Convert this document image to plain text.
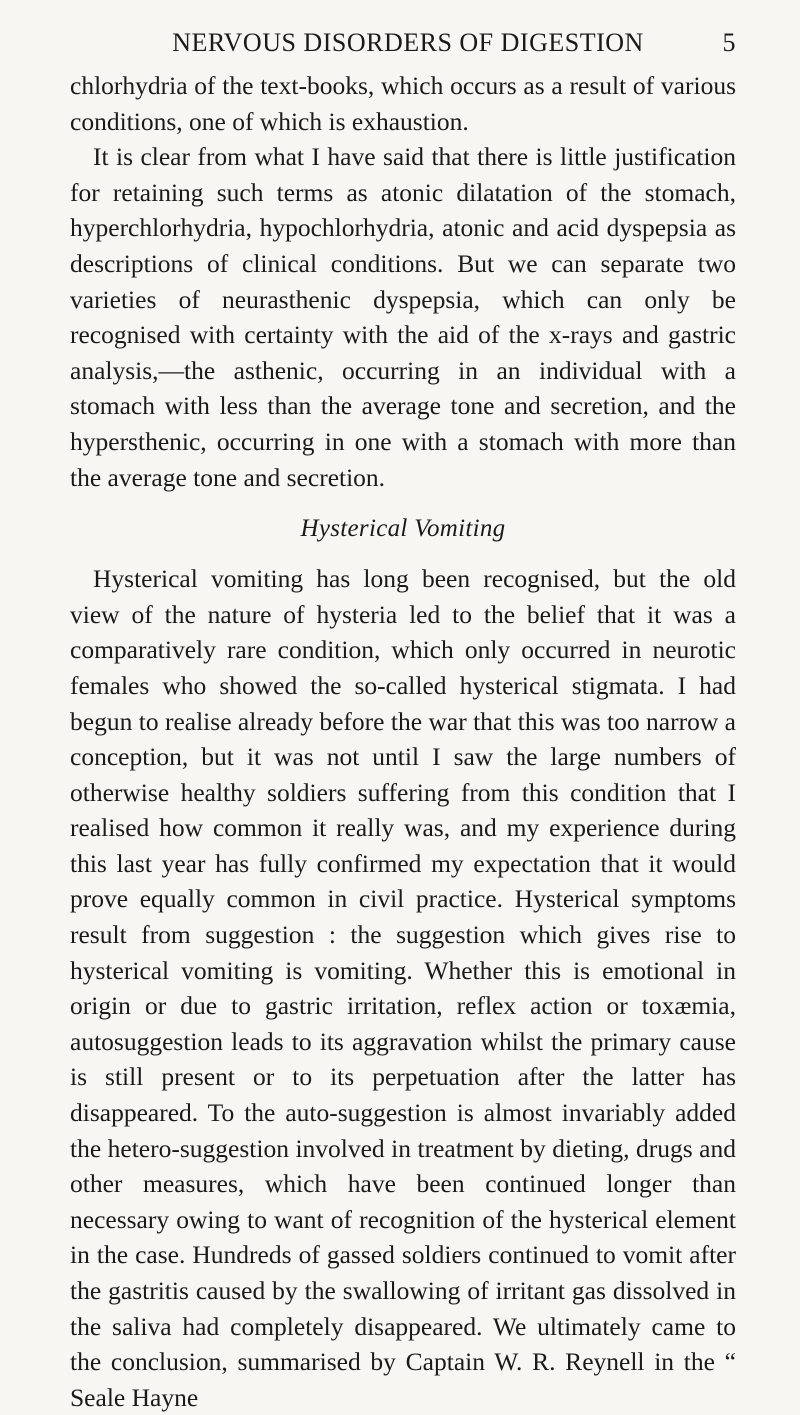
NERVOUS DISORDERS OF DIGESTION	5

chlorhydria of the text-books, which occurs as a result of various conditions, one of which is exhaustion.

It is clear from what I have said that there is little justification for retaining such terms as atonic dilatation of the stomach, hyperchlorhydria, hypochlorhydria, atonic and acid dyspepsia as descriptions of clinical conditions. But we can separate two varieties of neurasthenic dyspepsia, which can only be recognised with certainty with the aid of the x-rays and gastric analysis,—the asthenic, occurring in an individual with a stomach with less than the average tone and secretion, and the hypersthenic, occurring in one with a stomach with more than the average tone and secretion.

Hysterical Vomiting

Hysterical vomiting has long been recognised, but the old view of the nature of hysteria led to the belief that it was a comparatively rare condition, which only occurred in neurotic females who showed the so-called hysterical stigmata. I had begun to realise already before the war that this was too narrow a conception, but it was not until I saw the large numbers of otherwise healthy soldiers suffering from this condition that I realised how common it really was, and my experience during this last year has fully confirmed my expectation that it would prove equally common in civil practice. Hysterical symptoms result from suggestion : the suggestion which gives rise to hysterical vomiting is vomiting. Whether this is emotional in origin or due to gastric irritation, reflex action or toxæmia, autosuggestion leads to its aggravation whilst the primary cause is still present or to its perpetuation after the latter has disappeared. To the auto-suggestion is almost invariably added the hetero-suggestion involved in treatment by dieting, drugs and other measures, which have been continued longer than necessary owing to want of recognition of the hysterical element in the case. Hundreds of gassed soldiers continued to vomit after the gastritis caused by the swallowing of irritant gas dissolved in the saliva had completely disappeared. We ultimately came to the conclusion, summarised by Captain W. R. Reynell in the “ Seale Hayne
